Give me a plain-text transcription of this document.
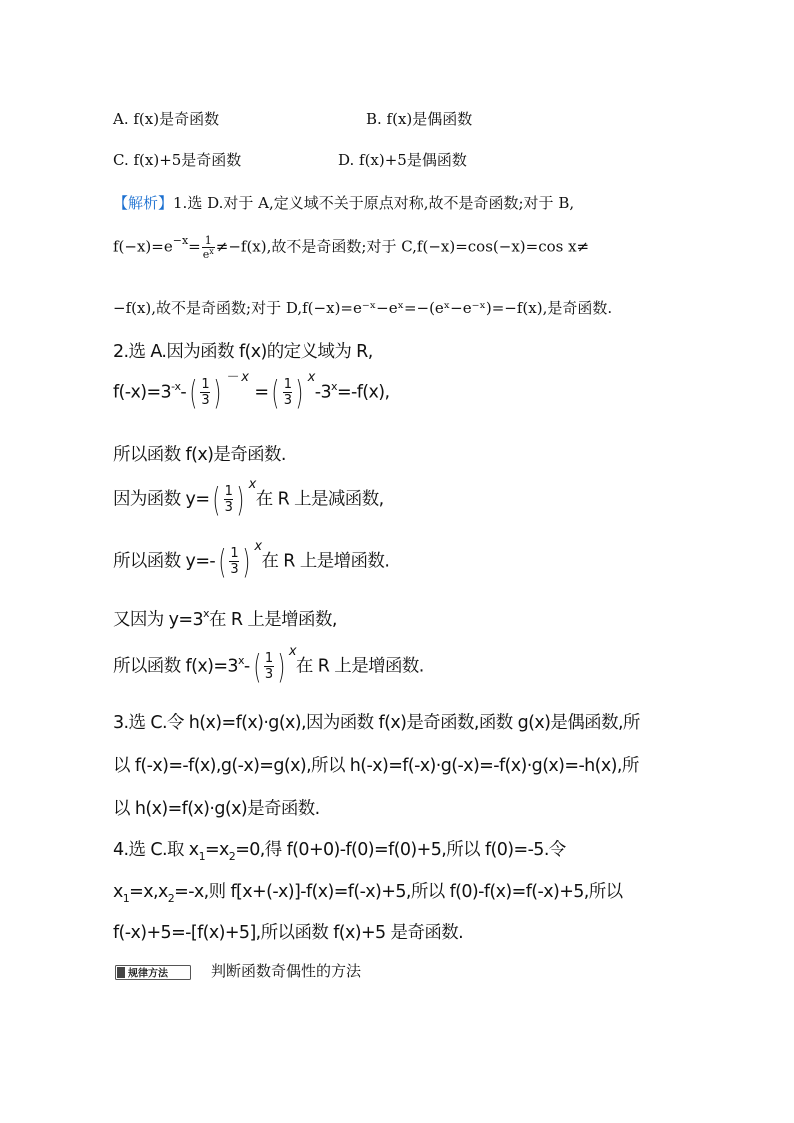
A. f(x)是奇函数	B. f(x)是偶函数
C. f(x)+5是奇函数	D. f(x)+5是偶函数
【解析】1.选 D.对于 A,定义域不关于原点对称,故不是奇函数;对于 B,
$f(-x)=e^{-x}= \frac{1}{e^x} \ne-f(x)$,故不是奇函数;对于 C,f(−x)=cos(−x)=cos x≠
−f(x),故不是奇函数;对于 D,f(−x)=e⁻ˣ−eˣ=−(eˣ−e⁻ˣ)=−f(x),是奇函数.
2.选 A.因为函数 f(x)的定义域为 R,
$f(-x)=3^{-x}-$ ( $\frac{1}{3}$ ) $^{- x}$= ( $\frac{1}{3}$ ) $^x-3^x=-f(x)$,
所以函数 f(x)是奇函数.
因为函数 y= ( $\frac{1}{3}$ ) $^x$在 R 上是减函数,
所以函数 y=- ( $\frac{1}{3}$ ) $^x$在 R 上是增函数.
又因为 $y=3^x$在 R 上是增函数,
所以函数 $f(x)=3^x-$ ( $\frac{1}{3}$ ) $^x$在 R 上是增函数.
3.选 C.令 h(x)=f(x)·g(x),因为函数 f(x)是奇函数,函数 g(x)是偶函数,所
以 f(-x)=-f(x),g(-x)=g(x),所以 h(-x)=f(-x)·g(-x)=-f(x)·g(x)=-h(x),所
以 h(x)=f(x)·g(x)是奇函数.
4.选 C.取 $x_1=x_2=0$,得 f(0+0)-f(0)=f(0)+5,所以 f(0)=-5.令
$x_1=x,x_2=-x$,则 f[x+(-x)]-f(x)=f(-x)+5,所以 f(0)-f(x)=f(-x)+5,所以
f(-x)+5=-[f(x)+5],所以函数 f(x)+5 是奇函数.
规律方法	判断函数奇偶性的方法
